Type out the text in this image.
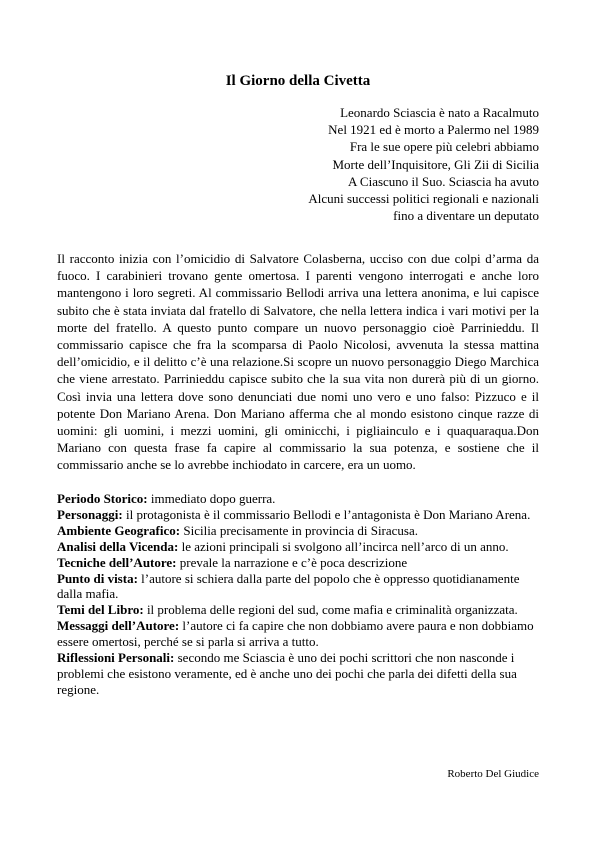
Il Giorno della Civetta
Leonardo Sciascia è nato a Racalmuto
Nel 1921 ed è morto a Palermo nel 1989
Fra le sue opere più celebri abbiamo
Morte dell’Inquisitore, Gli Zii di Sicilia
A Ciascuno il Suo. Sciascia ha avuto
Alcuni successi politici regionali e nazionali
fino a diventare un deputato

Il racconto inizia con l’omicidio di Salvatore Colasberna, ucciso con due colpi d’arma da fuoco. I carabinieri trovano gente omertosa. I parenti vengono interrogati e anche loro mantengono i loro segreti. Al commissario Bellodi arriva una lettera anonima, e lui capisce subito che è stata inviata dal fratello di Salvatore, che nella lettera indica i vari motivi per la morte del fratello. A questo punto compare un nuovo personaggio cioè Parrinieddu. Il commissario capisce che fra la scomparsa di Paolo Nicolosi, avvenuta la stessa mattina dell’omicidio, e il delitto c’è una relazione.Si scopre un nuovo personaggio Diego Marchica che viene arrestato. Parrinieddu capisce subito che la sua vita non durerà più di un giorno. Così invia una lettera dove sono denunciati due nomi uno vero e uno falso: Pizzuco e il potente Don Mariano Arena. Don Mariano afferma che al mondo esistono cinque razze di uomini: gli uomini, i mezzi uomini, gli ominicchi, i pigliainculo e i quaquaraqua.Don Mariano con questa frase fa capire al commissario la sua potenza, e sostiene che il commissario anche se lo avrebbe inchiodato in carcere, era un uomo.

Periodo Storico: immediato dopo guerra.

Personaggi: il protagonista è il commissario Bellodi e l’antagonista è Don Mariano Arena.

Ambiente Geografico: Sicilia precisamente in provincia di Siracusa.

Analisi della Vicenda: le azioni principali si svolgono all’incirca nell’arco di un anno.

Tecniche dell’Autore: prevale la narrazione e c’è poca descrizione

Punto di vista: l’autore si schiera dalla parte del popolo che è oppresso quotidianamente dalla mafia.

Temi del Libro: il problema delle regioni del sud, come mafia e criminalità organizzata.

Messaggi dell’Autore: l’autore ci fa capire che non dobbiamo avere paura e non dobbiamo essere omertosi, perché se si parla si arriva a tutto.

Riflessioni Personali: secondo me Sciascia è uno dei pochi scrittori che non nasconde i problemi che esistono veramente, ed è anche uno dei pochi che parla dei difetti della sua regione.

Roberto Del Giudice
